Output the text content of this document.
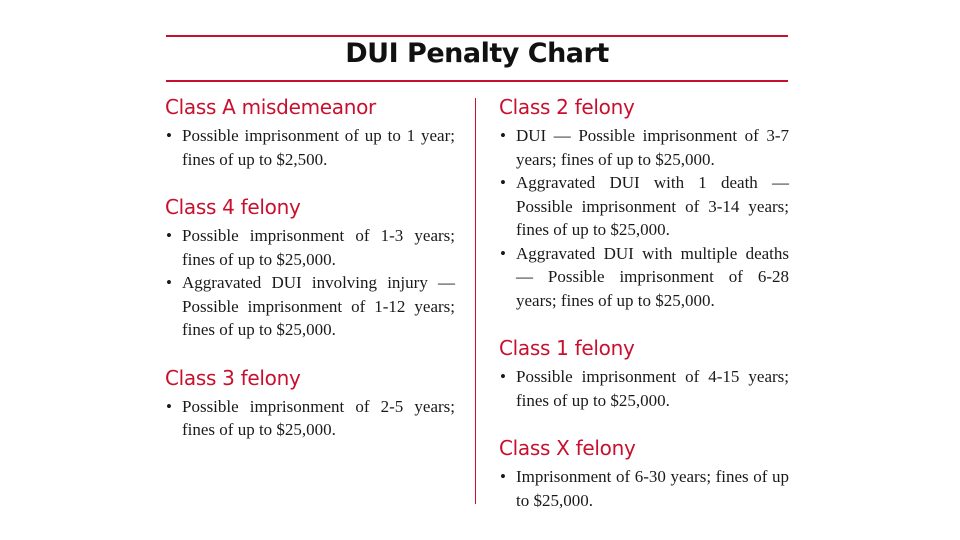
DUI Penalty Chart
Class A misdemeanor
• Possible imprisonment of up to 1 year; fines of up to $2,500.
Class 4 felony
• Possible imprisonment of 1-3 years; fines of up to $25,000.
• Aggravated DUI involving injury — Possible imprisonment of 1-12 years; fines of up to $25,000.
Class 3 felony
• Possible imprisonment of 2-5 years; fines of up to $25,000.
Class 2 felony
• DUI — Possible imprisonment of 3-7 years; fines of up to $25,000.
• Aggravated DUI with 1 death — Possible imprisonment of 3-14 years; fines of up to $25,000.
• Aggravated DUI with multiple deaths — Possible imprisonment of 6-28 years; fines of up to $25,000.
Class 1 felony
• Possible imprisonment of 4-15 years; fines of up to $25,000.
Class X felony
• Imprisonment of 6-30 years; fines of up to $25,000.
